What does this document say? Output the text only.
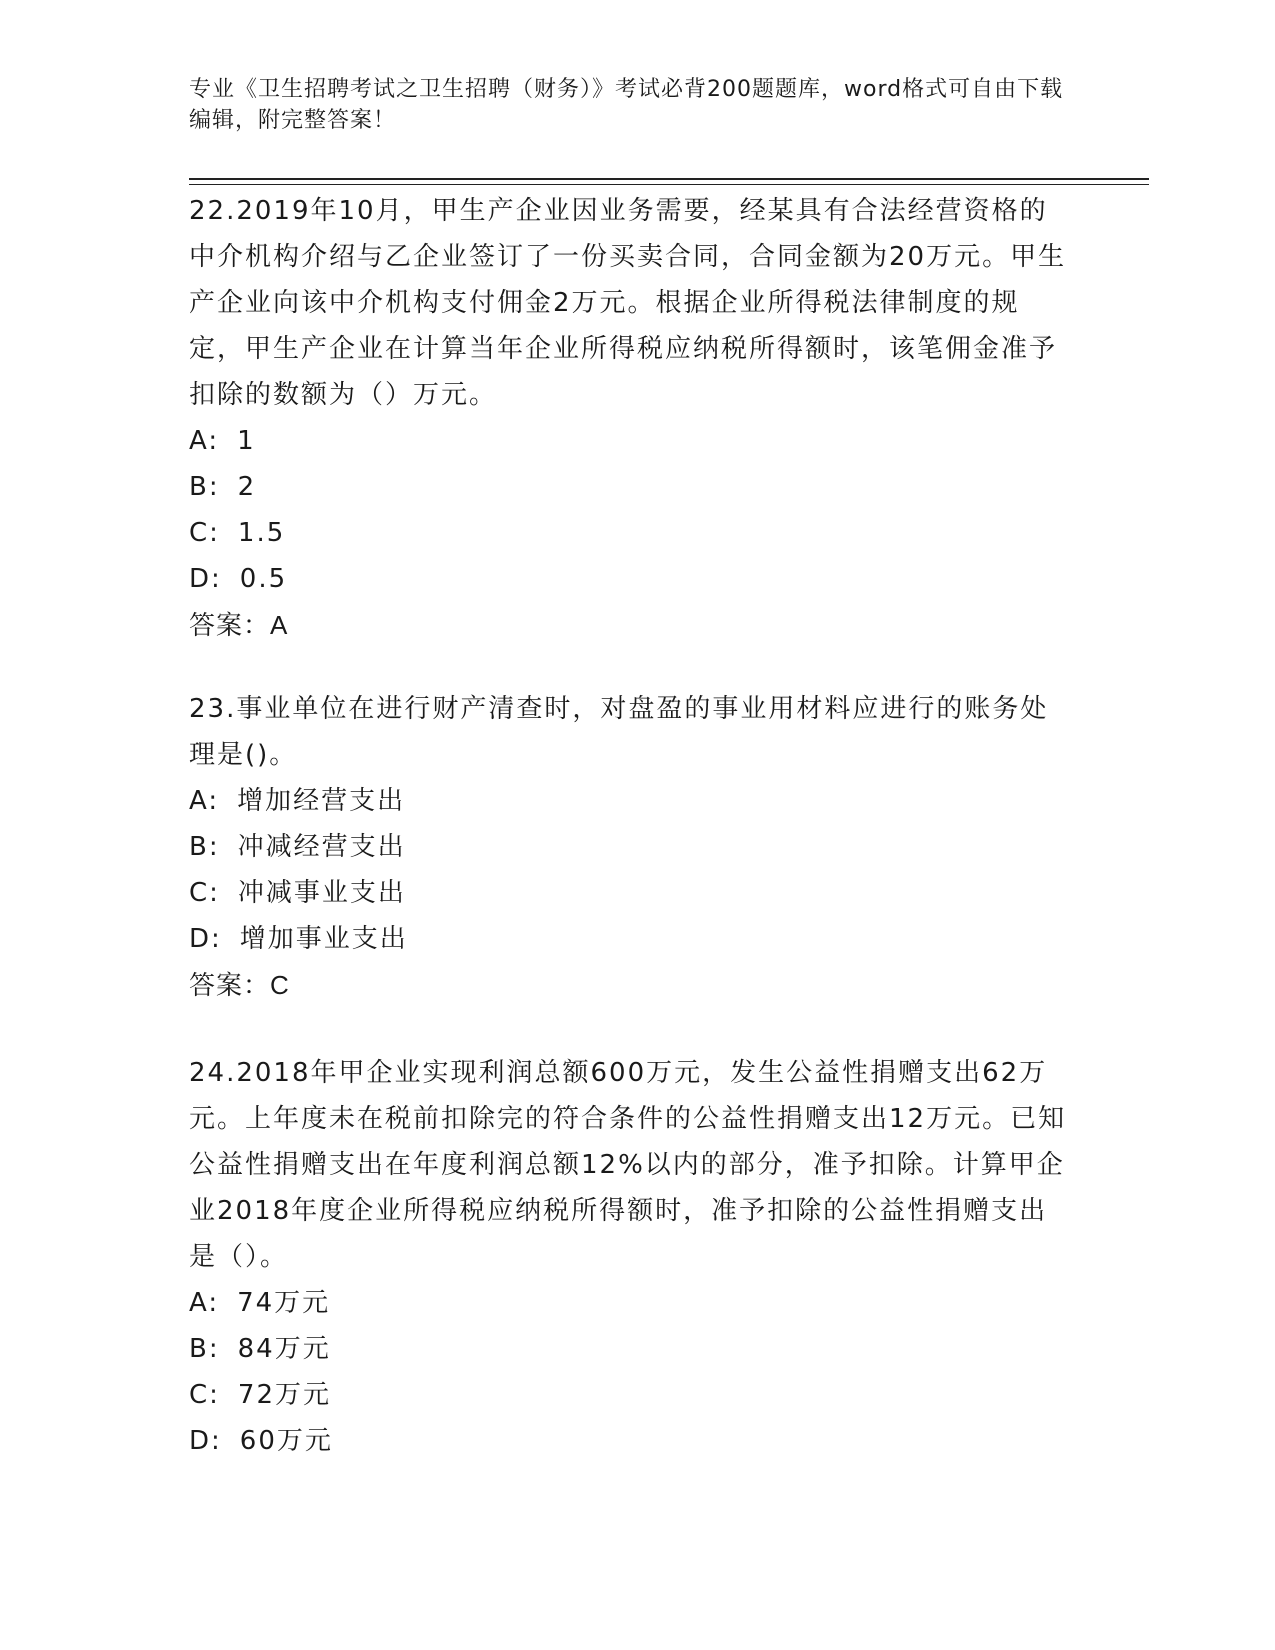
专业《卫生招聘考试之卫生招聘（财务）》考试必背200题题库，word格式可自由下载编辑，附完整答案！
22.2019年10月，甲生产企业因业务需要，经某具有合法经营资格的中介机构介绍与乙企业签订了一份买卖合同，合同金额为20万元。甲生产企业向该中介机构支付佣金2万元。根据企业所得税法律制度的规定，甲生产企业在计算当年企业所得税应纳税所得额时，该笔佣金准予扣除的数额为（）万元。
A: 1
B: 2
C: 1.5
D: 0.5
答案：A
23.事业单位在进行财产清查时，对盘盈的事业用材料应进行的账务处理是()。
A: 增加经营支出
B: 冲减经营支出
C: 冲减事业支出
D: 增加事业支出
答案：C
24.2018年甲企业实现利润总额600万元，发生公益性捐赠支出62万元。上年度未在税前扣除完的符合条件的公益性捐赠支出12万元。已知公益性捐赠支出在年度利润总额12%以内的部分，准予扣除。计算甲企业2018年度企业所得税应纳税所得额时，准予扣除的公益性捐赠支出是（）。
A: 74万元
B: 84万元
C: 72万元
D: 60万元
